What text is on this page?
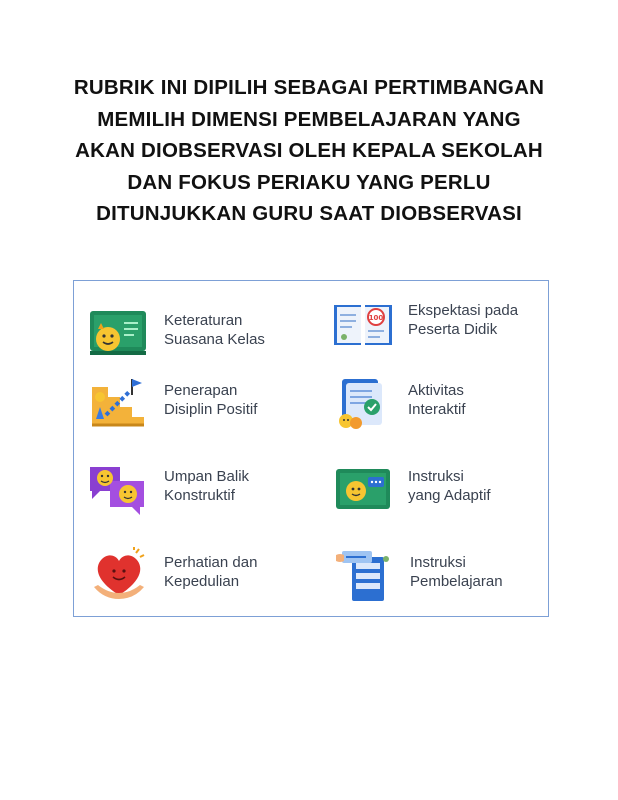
RUBRIK INI DIPILIH SEBAGAI PERTIMBANGAN
MEMILIH DIMENSI PEMBELAJARAN YANG
AKAN DIOBSERVASI OLEH KEPALA SEKOLAH
DAN FOKUS PERIAKU YANG PERLU
DITUNJUKKAN GURU SAAT DIOBSERVASI
Keteraturan
Suasana Kelas
100 Ekspektasi pada
Peserta Didik
Penerapan
Disiplin Positif
Aktivitas
Interaktif
Umpan Balik
Konstruktif
Instruksi
yang Adaptif
Perhatian dan
Kepedulian
Instruksi
Pembelajaran
